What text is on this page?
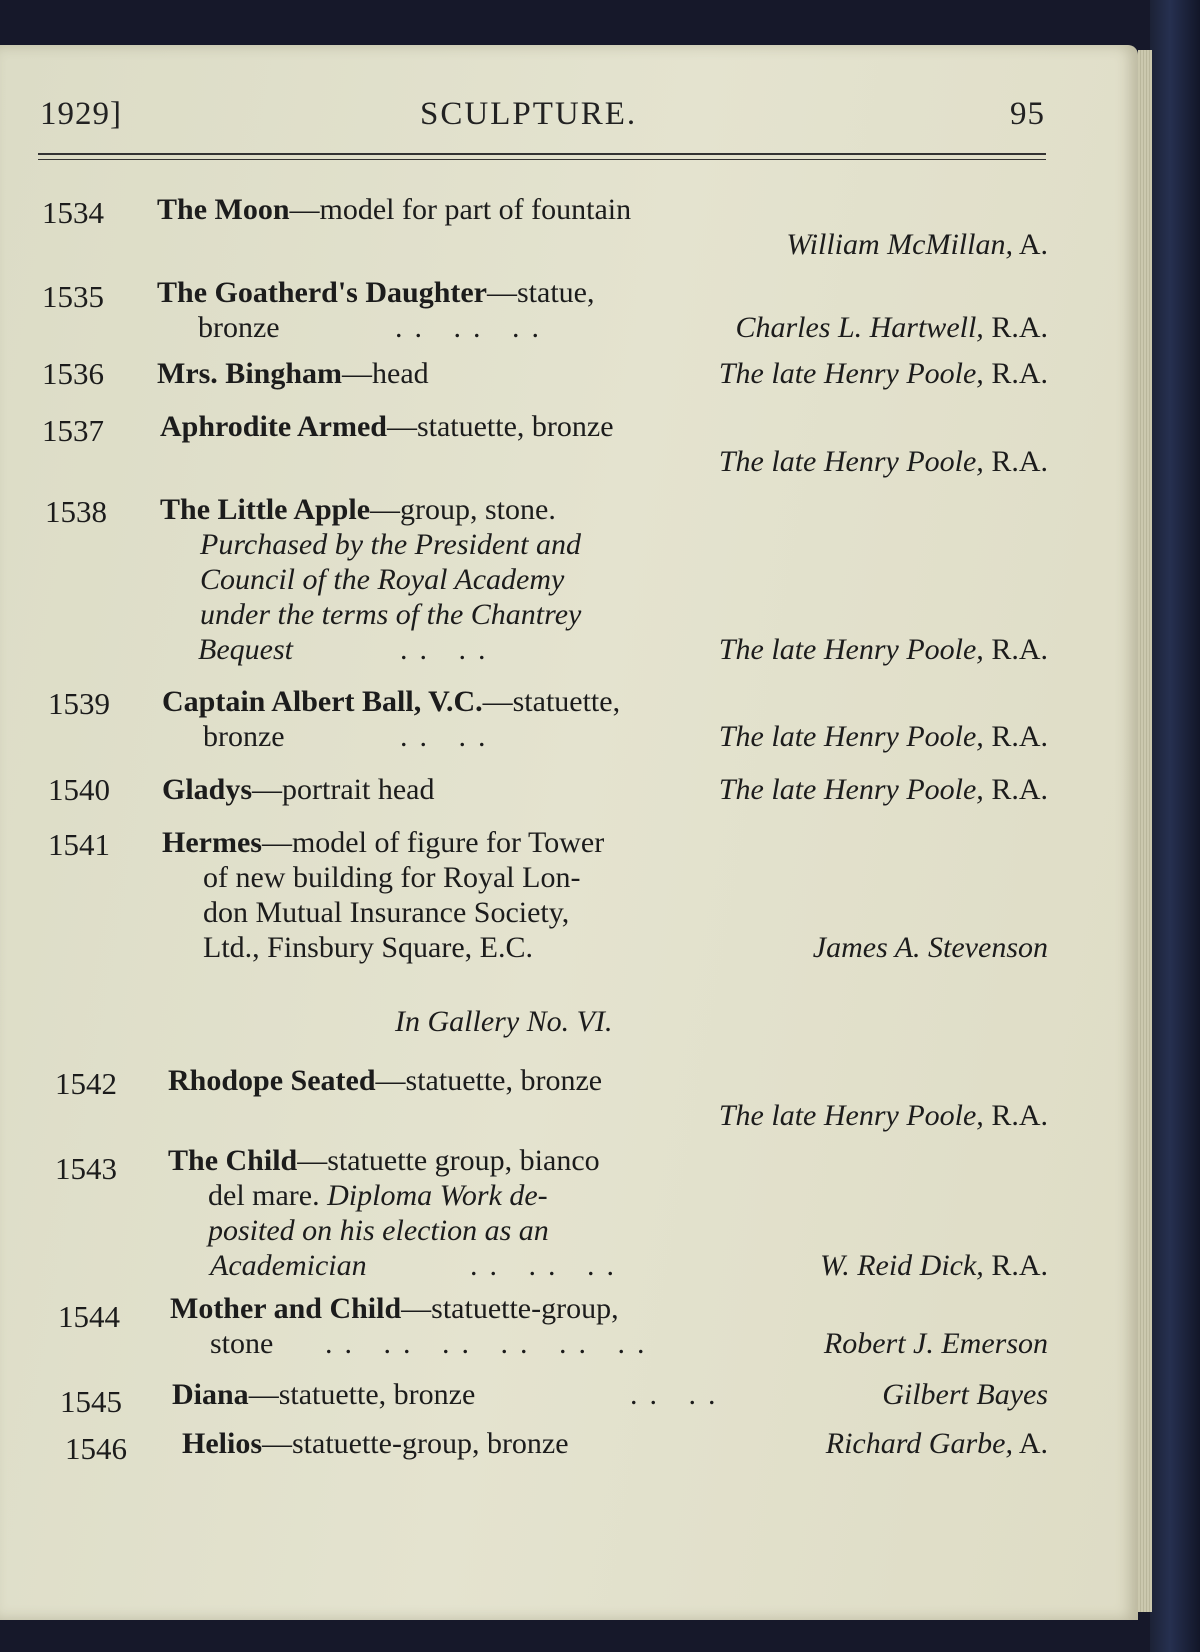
1929]	SCULPTURE.	95
1534 The Moon—model for part of fountain
William McMillan, A.
1535 The Goatherd's Daughter—statue,
bronze	.. .. ..	Charles L. Hartwell, R.A.
1536 Mrs. Bingham—head	The late Henry Poole, R.A.
1537 Aphrodite Armed—statuette, bronze
The late Henry Poole, R.A.
1538 The Little Apple—group, stone.
Purchased by the President and
Council of the Royal Academy
under the terms of the Chantrey
Bequest	.. ..	The late Henry Poole, R.A.
1539 Captain Albert Ball, V.C.—statuette,
bronze	.. ..	The late Henry Poole, R.A.
1540 Gladys—portrait head	The late Henry Poole, R.A.
1541 Hermes—model of figure for Tower
of new building for Royal Lon-
don Mutual Insurance Society,
Ltd., Finsbury Square, E.C.	James A. Stevenson
In Gallery No. VI.
1542 Rhodope Seated—statuette, bronze
The late Henry Poole, R.A.
1543 The Child—statuette group, bianco
del mare. Diploma Work de-
posited on his election as an
Academician	.. .. ..	W. Reid Dick, R.A.
1544 Mother and Child—statuette-group,
stone .. .. .. .. .. ..	Robert J. Emerson
1545 Diana—statuette, bronze	.. ..	Gilbert Bayes
1546 Helios—statuette-group, bronze	Richard Garbe, A.
